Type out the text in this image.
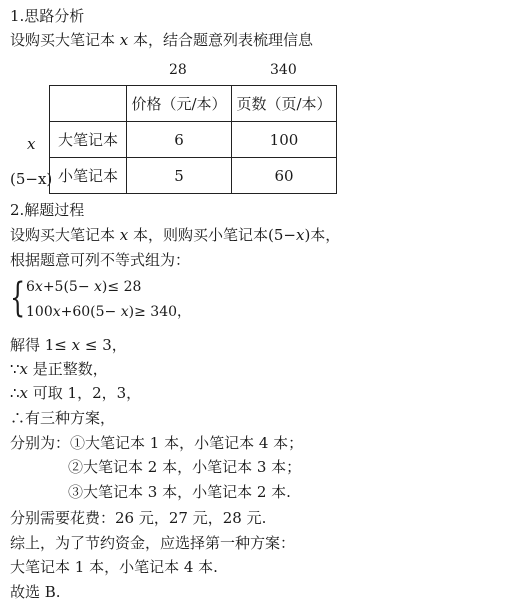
1.思路分析
设购买大笔记本 x 本，结合题意列表梳理信息
28	340
x
(5−x)
	价格（元/本）	页数（页/本）
大笔记本	6	100
小笔记本	5	60
2.解题过程
设购买大笔记本 x 本，则购买小笔记本(5−x)本，
根据题意可列不等式组为：
{ 6x+5(5− x)≤ 28
100x+60(5− x)≥ 340，
解得 1≤ x ≤ 3，
∵x 是正整数，
∴x 可取 1，2，3，
∴有三种方案，
分别为：①大笔记本 1 本，小笔记本 4 本；
②大笔记本 2 本，小笔记本 3 本；
③大笔记本 3 本，小笔记本 2 本.
分别需要花费：26 元，27 元，28 元.
综上，为了节约资金，应选择第一种方案：
大笔记本 1 本，小笔记本 4 本.
故选 B.
